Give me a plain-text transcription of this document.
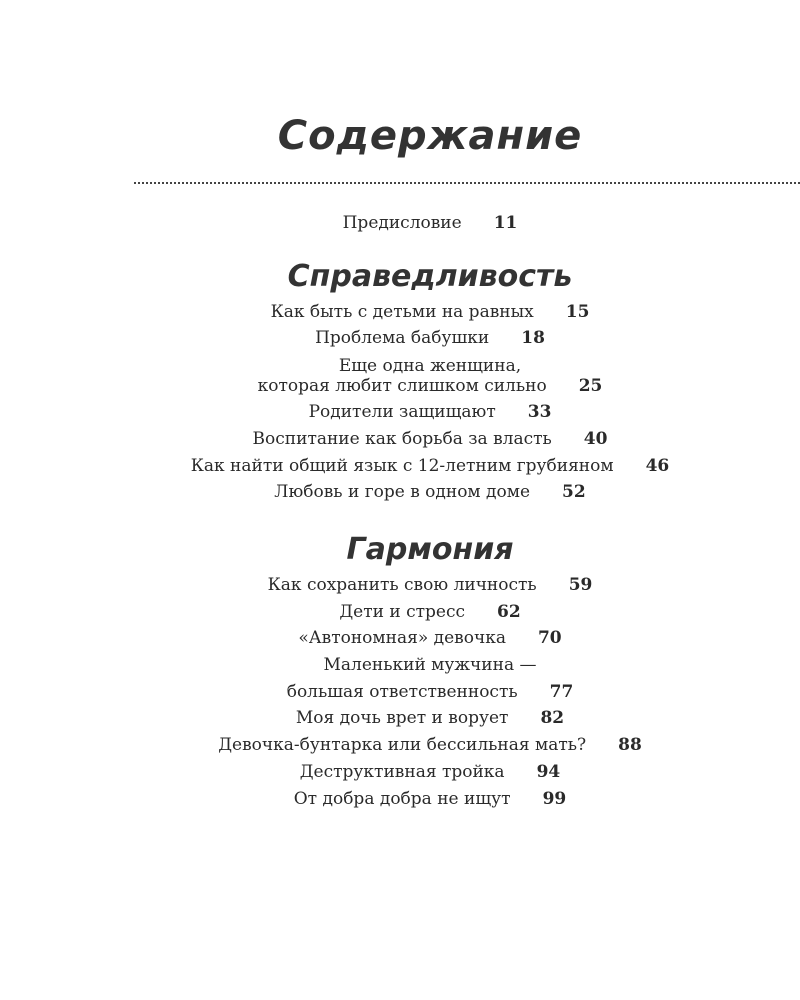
Содержание
Предисловие 11
Справедливость
Как быть с детьми на равных 15
Проблема бабушки 18
Еще одна женщина,
которая любит слишком сильно 25
Родители защищают 33
Воспитание как борьба за власть 40
Как найти общий язык с 12-летним грубияном 46
Любовь и горе в одном доме 52
Гармония
Как сохранить свою личность 59
Дети и стресс 62
«Автономная» девочка 70
Маленький мужчина —
большая ответственность 77
Моя дочь врет и ворует 82
Девочка-бунтарка или бессильная мать? 88
Деструктивная тройка 94
От добра добра не ищут 99
